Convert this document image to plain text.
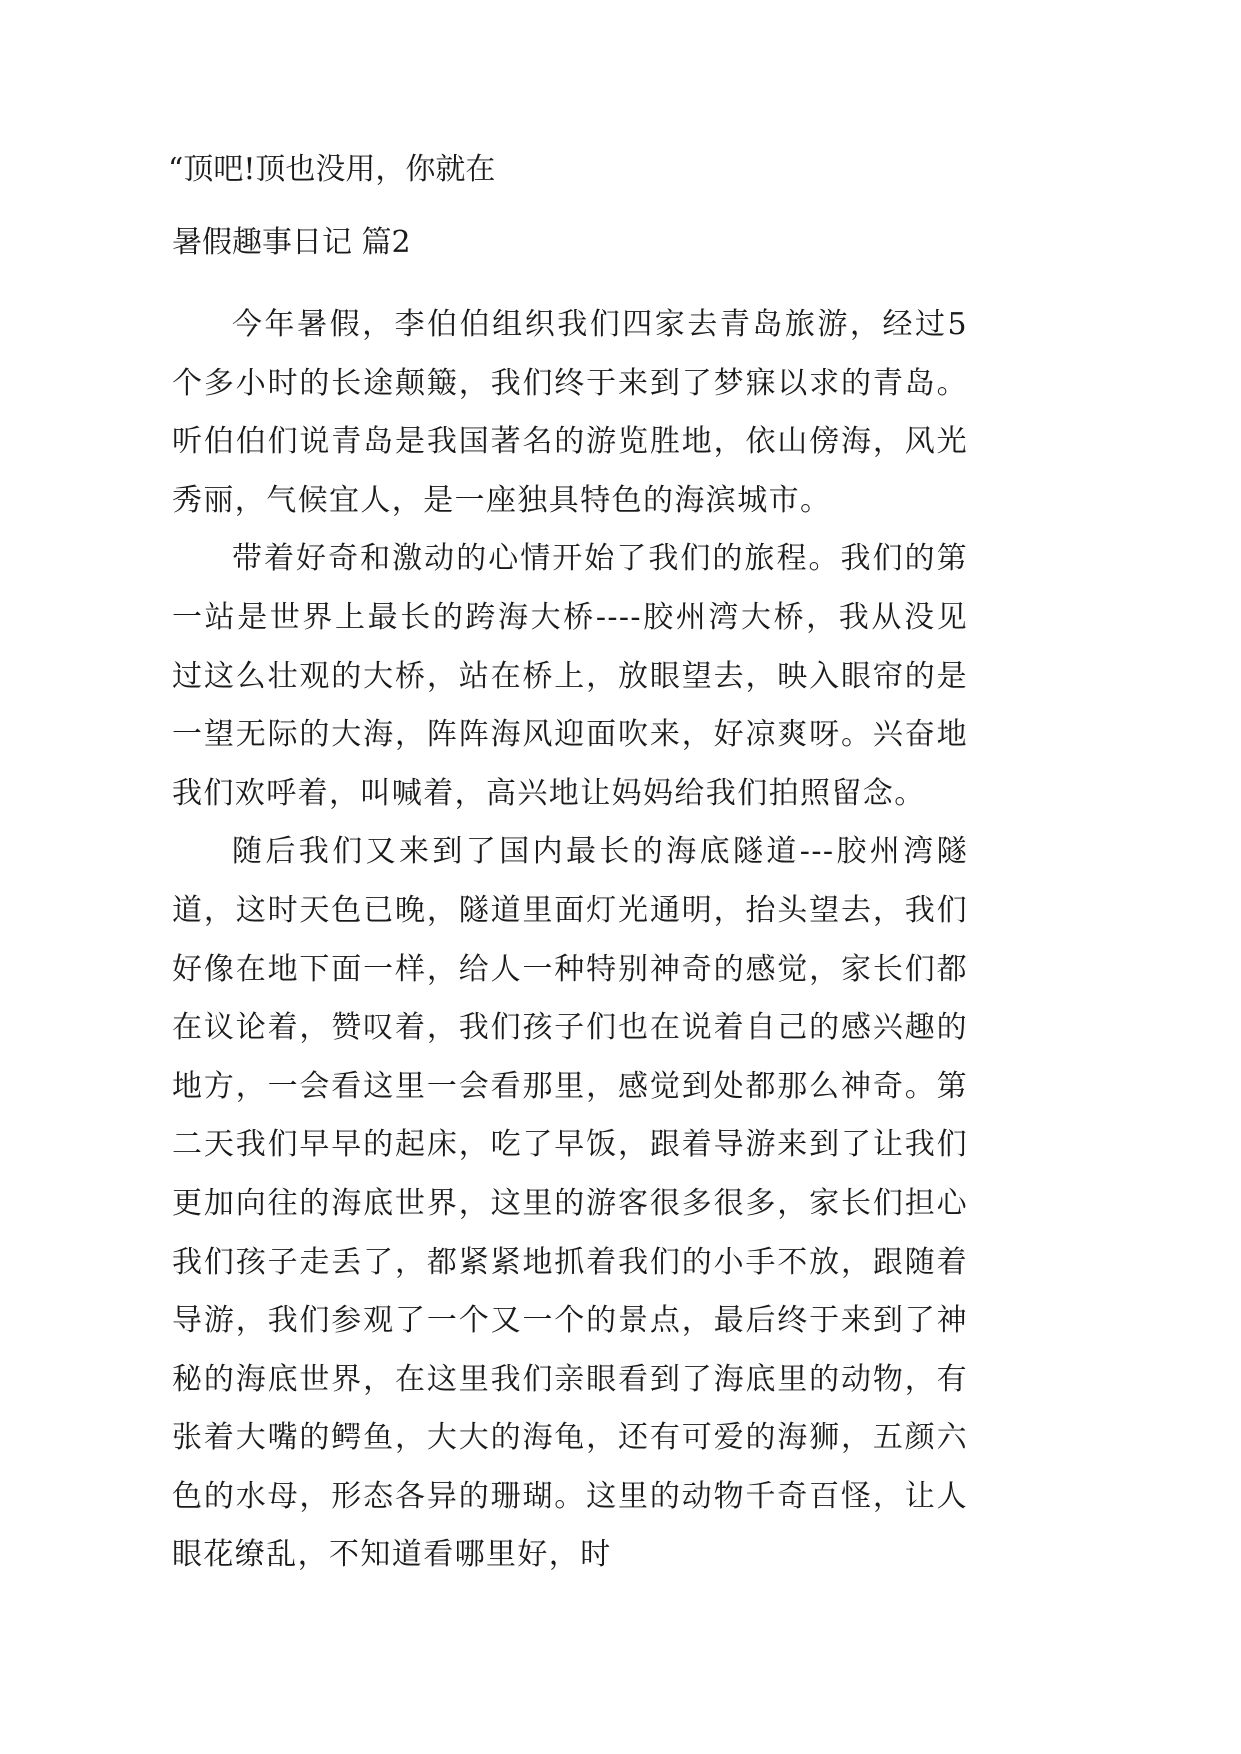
“顶吧!顶也没用，你就在
暑假趣事日记 篇2

今年暑假，李伯伯组织我们四家去青岛旅游，经过5个多小时的长途颠簸，我们终于来到了梦寐以求的青岛。听伯伯们说青岛是我国著名的游览胜地，依山傍海，风光秀丽，气候宜人，是一座独具特色的海滨城市。

带着好奇和激动的心情开始了我们的旅程。我们的第一站是世界上最长的跨海大桥----胶州湾大桥，我从没见过这么壮观的大桥，站在桥上，放眼望去，映入眼帘的是一望无际的大海，阵阵海风迎面吹来，好凉爽呀。兴奋地我们欢呼着，叫喊着，高兴地让妈妈给我们拍照留念。

随后我们又来到了国内最长的海底隧道---胶州湾隧道，这时天色已晚，隧道里面灯光通明，抬头望去，我们好像在地下面一样，给人一种特别神奇的感觉，家长们都在议论着，赞叹着，我们孩子们也在说着自己的感兴趣的地方，一会看这里一会看那里，感觉到处都那么神奇。第二天我们早早的起床，吃了早饭，跟着导游来到了让我们更加向往的海底世界，这里的游客很多很多，家长们担心我们孩子走丢了，都紧紧地抓着我们的小手不放，跟随着导游，我们参观了一个又一个的景点，最后终于来到了神秘的海底世界，在这里我们亲眼看到了海底里的动物，有张着大嘴的鳄鱼，大大的海龟，还有可爱的海狮，五颜六色的水母，形态各异的珊瑚。这里的动物千奇百怪，让人眼花缭乱，不知道看哪里好，时
